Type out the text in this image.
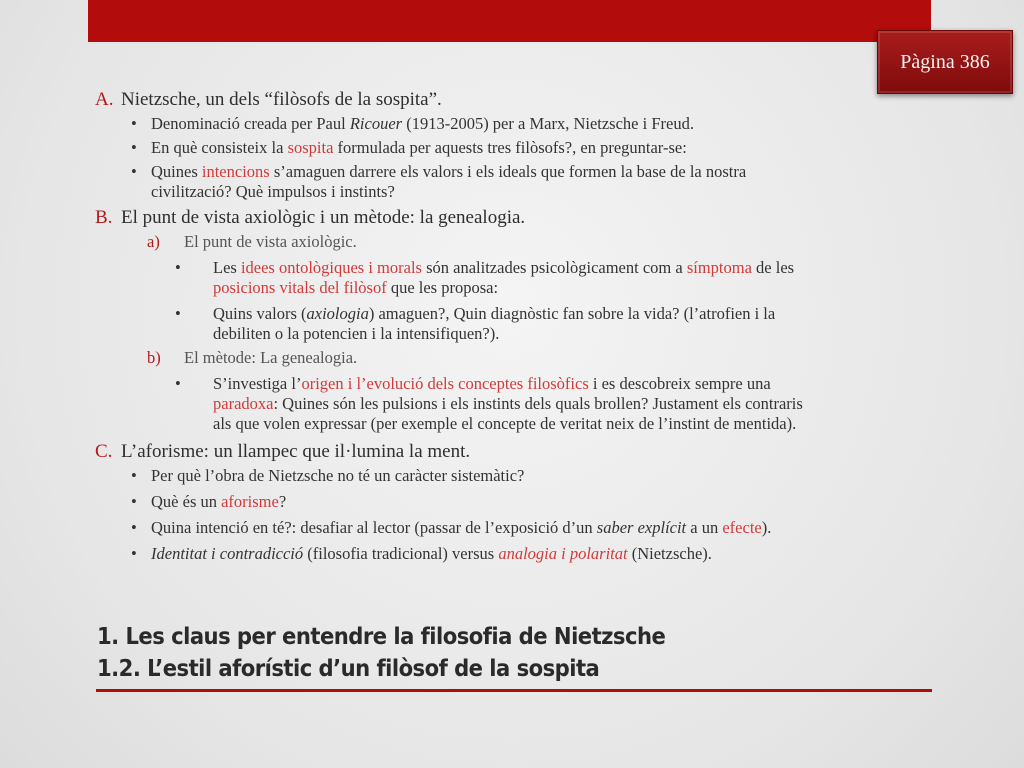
Pàgina 386
A. Nietzsche, un dels “filòsofs de la sospita”.
• Denominació creada per Paul Ricouer (1913-2005) per a Marx, Nietzsche i Freud.
• En què consisteix la sospita formulada per aquests tres filòsofs?, en preguntar-se:
• Quines intencions s’amaguen darrere els valors i els ideals que formen la base de la nostra
civilització? Què impulsos i instints?
B. El punt de vista axiològic i un mètode: la genealogia.
a)	El punt de vista axiològic.
•	Les idees ontològiques i morals són analitzades psicològicament com a símptoma de les
posicions vitals del filòsof que les proposa:
•	Quins valors (axiologia) amaguen?, Quin diagnòstic fan sobre la vida? (l’atrofien i la
debiliten o la potencien i la intensifiquen?).
b)	El mètode: La genealogia.
•	S’investiga l’origen i l’evolució dels conceptes filosòfics i es descobreix sempre una
paradoxa: Quines són les pulsions i els instints dels quals brollen? Justament els contraris
als que volen expressar (per exemple el concepte de veritat neix de l’instint de mentida).
C. L’aforisme: un llampec que il·lumina la ment.
• Per què l’obra de Nietzsche no té un caràcter sistemàtic?
• Què és un aforisme?
• Quina intenció en té?: desafiar al lector (passar de l’exposició d’un saber explícit a un efecte).
• Identitat i contradicció (filosofia tradicional) versus analogia i polaritat (Nietzsche).
1. Les claus per entendre la filosofia de Nietzsche
1.2. L’estil aforístic d’un filòsof de la sospita
